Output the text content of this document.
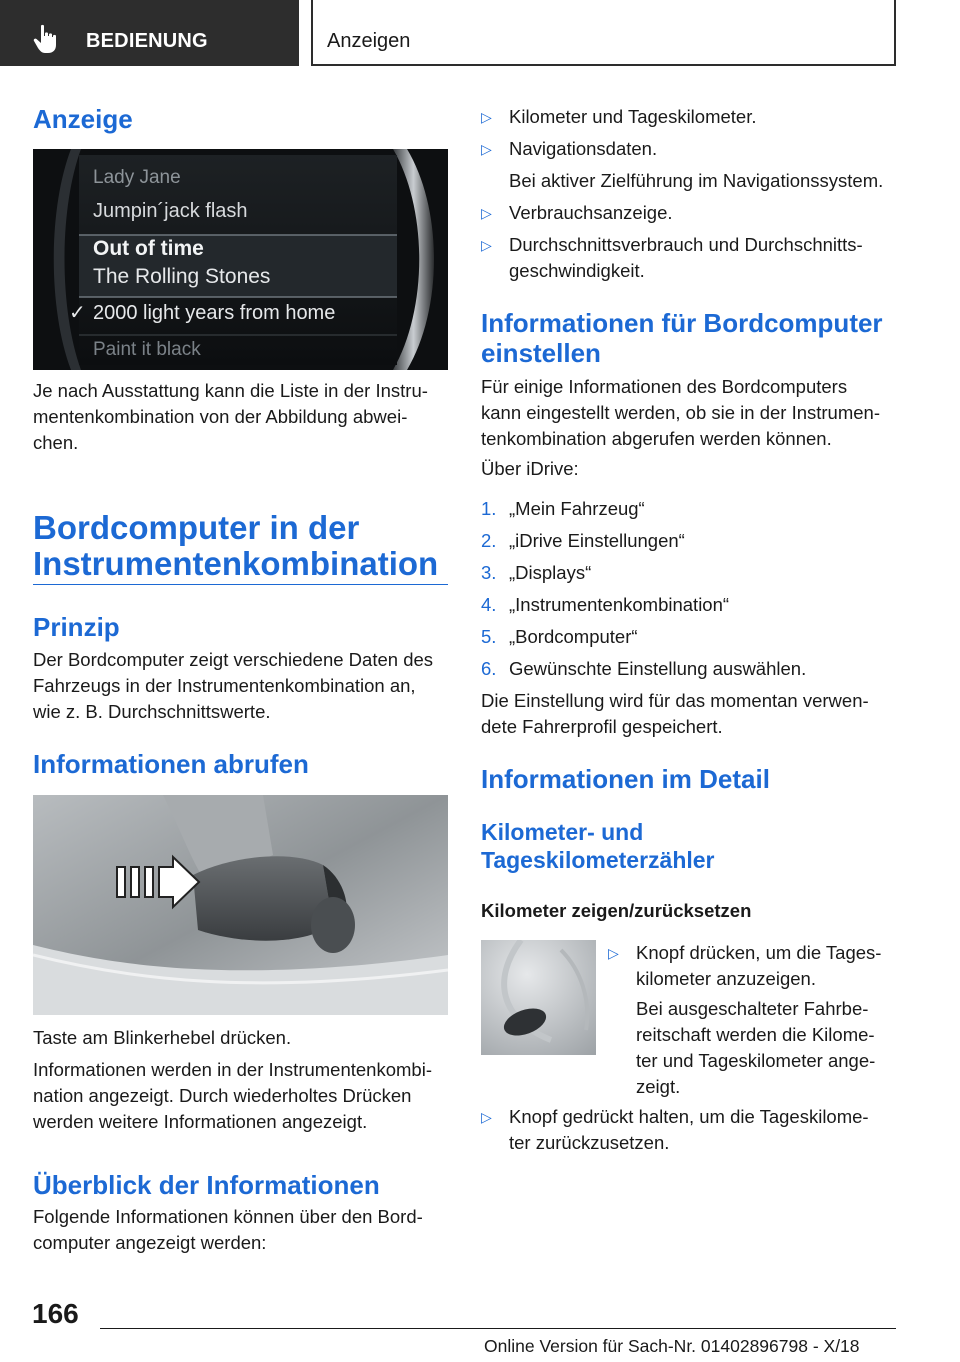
BEDIENUNG	Anzeigen
Anzeige
Lady Jane
Jumpin´jack flash
Out of time
The Rolling Stones
✓ 2000 light years from home
Paint it black
Je nach Ausstattung kann die Liste in der Instru-
mentenkombination von der Abbildung abwei-
chen.
Bordcomputer in der
Instrumentenkombination
Prinzip
Der Bordcomputer zeigt verschiedene Daten des
Fahrzeugs in der Instrumentenkombination an,
wie z. B. Durchschnittswerte.
Informationen abrufen
Taste am Blinkerhebel drücken.
Informationen werden in der Instrumentenkombi-
nation angezeigt. Durch wiederholtes Drücken
werden weitere Informationen angezeigt.
Überblick der Informationen
Folgende Informationen können über den Bord-
computer angezeigt werden:
▷ Kilometer und Tageskilometer.
▷ Navigationsdaten.
Bei aktiver Zielführung im Navigationssystem.
▷ Verbrauchsanzeige.
▷ Durchschnittsverbrauch und Durchschnitts-
geschwindigkeit.
Informationen für Bordcomputer
einstellen
Für einige Informationen des Bordcomputers
kann eingestellt werden, ob sie in der Instrumen-
tenkombination abgerufen werden können.
Über iDrive:
1. „Mein Fahrzeug“
2. „iDrive Einstellungen“
3. „Displays“
4. „Instrumentenkombination“
5. „Bordcomputer“
6. Gewünschte Einstellung auswählen.
Die Einstellung wird für das momentan verwen-
dete Fahrerprofil gespeichert.
Informationen im Detail
Kilometer- und
Tageskilometerzähler
Kilometer zeigen/zurücksetzen
▷ Knopf drücken, um die Tages-
kilometer anzuzeigen.
Bei ausgeschalteter Fahrbe-
reitschaft werden die Kilome-
ter und Tageskilometer ange-
zeigt.
▷ Knopf gedrückt halten, um die Tageskilome-
ter zurückzusetzen.
166
Online Version für Sach-Nr. 01402896798 - X/18
